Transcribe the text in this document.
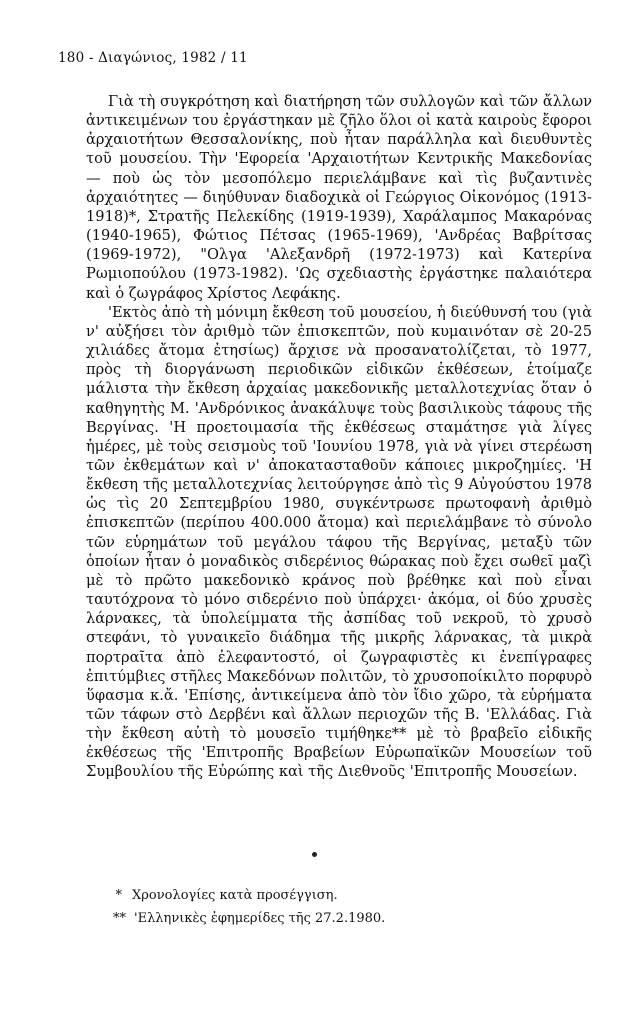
180 - Διαγώνιος, 1982 / 11

Γιὰ τὴ συγκρότηση καὶ διατήρηση τῶν συλλογῶν καὶ τῶν ἄλλων ἀντικειμένων του ἐργάστηκαν μὲ ζῆλο ὅλοι οἱ κατὰ καιροὺς ἔφοροι ἀρχαιοτήτων Θεσσαλονίκης, ποὺ ἦταν παράλληλα καὶ διευθυντὲς τοῦ μουσείου. Τὴν 'Εφορεία 'Αρχαιοτήτων Κεντρικῆς Μακεδονίας — ποὺ ὡς τὸν μεσοπόλεμο περιελάμβανε καὶ τὶς βυζαντινὲς ἀρχαιότητες — διηύθυναν διαδοχικὰ οἱ Γεώργιος Οἰκονόμος (1913-1918)*, Στρατῆς Πελεκίδης (1919-1939), Χαράλαμπος Μακαρόνας (1940-1965), Φώτιος Πέτσας (1965-1969), 'Ανδρέας Βαβρίτσας (1969-1972), "Ολγα 'Αλεξανδρῆ (1972-1973) καὶ Κατερίνα Ρωμιοπούλου (1973-1982). 'Ως σχεδιαστὴς ἐργάστηκε παλαιότερα καὶ ὁ ζωγράφος Χρίστος Λεφάκης.

'Εκτὸς ἀπὸ τὴ μόνιμη ἔκθεση τοῦ μουσείου, ἡ διεύθυνσή του (γιὰ ν' αὐξήσει τὸν ἀριθμὸ τῶν ἐπισκεπτῶν, ποὺ κυμαινόταν σὲ 20-25 χιλιάδες ἄτομα ἐτησίως) ἄρχισε νὰ προσανατολίζεται, τὸ 1977, πρὸς τὴ διοργάνωση περιοδικῶν εἰδικῶν ἐκθέσεων, ἑτοίμαζε μάλιστα τὴν ἔκθεση ἀρχαίας μακεδονικῆς μεταλλοτεχνίας ὅταν ὁ καθηγητὴς Μ. 'Ανδρόνικος ἀνακάλυψε τοὺς βασιλικοὺς τάφους τῆς Βεργίνας. 'Η προετοιμασία τῆς ἐκθέσεως σταμάτησε γιὰ λίγες ἡμέρες, μὲ τοὺς σεισμοὺς τοῦ 'Ιουνίου 1978, γιὰ νὰ γίνει στερέωση τῶν ἐκθεμάτων καὶ ν' ἀποκατασταθοῦν κάποιες μικροζημίες. 'Η ἔκθεση τῆς μεταλλοτεχνίας λειτούργησε ἀπὸ τὶς 9 Αὐγούστου 1978 ὡς τὶς 20 Σεπτεμβρίου 1980, συγκέντρωσε πρωτοφανὴ ἀριθμὸ ἐπισκεπτῶν (περίπου 400.000 ἄτομα) καὶ περιελάμβανε τὸ σύνολο τῶν εὑρημάτων τοῦ μεγάλου τάφου τῆς Βεργίνας, μεταξὺ τῶν ὁποίων ἦταν ὁ μοναδικὸς σιδερένιος θώρακας ποὺ ἔχει σωθεῖ μαζὶ μὲ τὸ πρῶτο μακεδονικὸ κράνος ποὺ βρέθηκε καὶ ποὺ εἶναι ταυτόχρονα τὸ μόνο σιδερένιο ποὺ ὑπάρχει· ἀκόμα, οἱ δύο χρυσὲς λάρνακες, τὰ ὑπολείμματα τῆς ἀσπίδας τοῦ νεκροῦ, τὸ χρυσὸ στεφάνι, τὸ γυναικεῖο διάδημα τῆς μικρῆς λάρνακας, τὰ μικρὰ πορτραῖτα ἀπὸ ἐλεφαντοστό, οἱ ζωγραφιστὲς κι ἐνεπίγραφες ἐπιτύμβιες στῆλες Μακεδόνων πολιτῶν, τὸ χρυσοποίκιλτο πορφυρὸ ὕφασμα κ.ἄ. 'Επίσης, ἀντικείμενα ἀπὸ τὸν ἴδιο χῶρο, τὰ εὑρήματα τῶν τάφων στὸ Δερβένι καὶ ἄλλων περιοχῶν τῆς Β. 'Ελλάδας. Γιὰ τὴν ἔκθεση αὐτὴ τὸ μουσεῖο τιμήθηκε** μὲ τὸ βραβεῖο εἰδικῆς ἐκθέσεως τῆς 'Επιτροπῆς Βραβείων Εὐρωπαϊκῶν Μουσείων τοῦ Συμβουλίου τῆς Εὐρώπης καὶ τῆς Διεθνοῦς 'Επιτροπῆς Μουσείων.

* Χρονολογίες κατὰ προσέγγιση.
** 'Ελληνικὲς ἐφημερίδες τῆς 27.2.1980.
